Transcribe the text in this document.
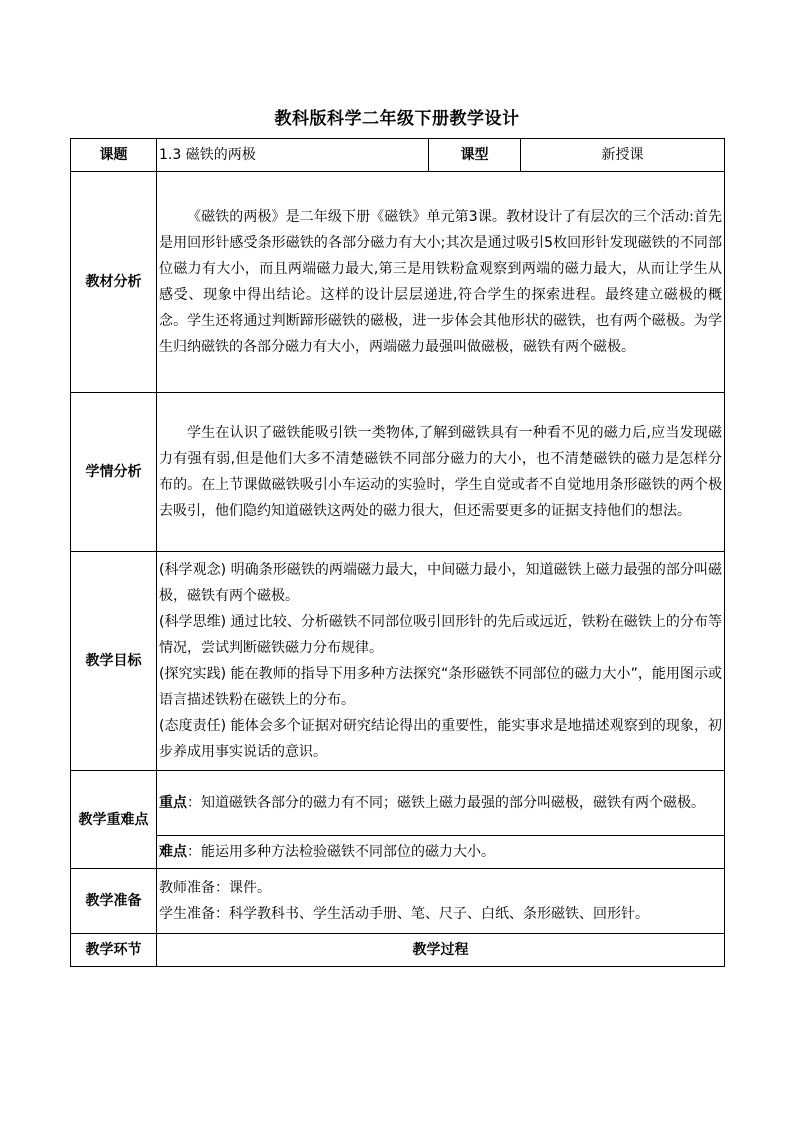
教科版科学二年级下册教学设计
课题	1.3 磁铁的两极	课型	新授课
教材分析	《磁铁的两极》是二年级下册《磁铁》单元第3课。教材设计了有层次的三个活动:首先是用回形针感受条形磁铁的各部分磁力有大小;其次是通过吸引5枚回形针发现磁铁的不同部位磁力有大小，而且两端磁力最大,第三是用铁粉盒观察到两端的磁力最大，从而让学生从感受、现象中得出结论。这样的设计层层递进,符合学生的探索进程。最终建立磁极的概念。学生还将通过判断蹄形磁铁的磁极，进一步体会其他形状的磁铁，也有两个磁极。为学生归纳磁铁的各部分磁力有大小，两端磁力最强叫做磁极，磁铁有两个磁极。		

学情分析	学生在认识了磁铁能吸引铁一类物体,了解到磁铁具有一种看不见的磁力后,应当发现磁力有强有弱,但是他们大多不清楚磁铁不同部分磁力的大小，也不清楚磁铁的磁力是怎样分布的。在上节课做磁铁吸引小车运动的实验时，学生自觉或者不自觉地用条形磁铁的两个极去吸引，他们隐约知道磁铁这两处的磁力很大，但还需要更多的证据支持他们的想法。		

教学目标	(科学观念) 明确条形磁铁的两端磁力最大，中间磁力最小，知道磁铁上磁力最强的部分叫磁极，磁铁有两个磁极。
(科学思维) 通过比较、分析磁铁不同部位吸引回形针的先后或远近，铁粉在磁铁上的分布等情况，尝试判断磁铁磁力分布规律。
(探究实践) 能在教师的指导下用多种方法探究“条形磁铁不同部位的磁力大小”，能用图示或语言描述铁粉在磁铁上的分布。
(态度责任) 能体会多个证据对研究结论得出的重要性，能实事求是地描述观察到的现象，初步养成用事实说话的意识。		

教学重难点	重点：知道磁铁各部分的磁力有不同；磁铁上磁力最强的部分叫磁极，磁铁有两个磁极。		

	难点：能运用多种方法检验磁铁不同部位的磁力大小。		

教学准备	教师准备：课件。
学生准备：科学教科书、学生活动手册、笔、尺子、白纸、条形磁铁、回形针。		

教学环节	教学过程		
